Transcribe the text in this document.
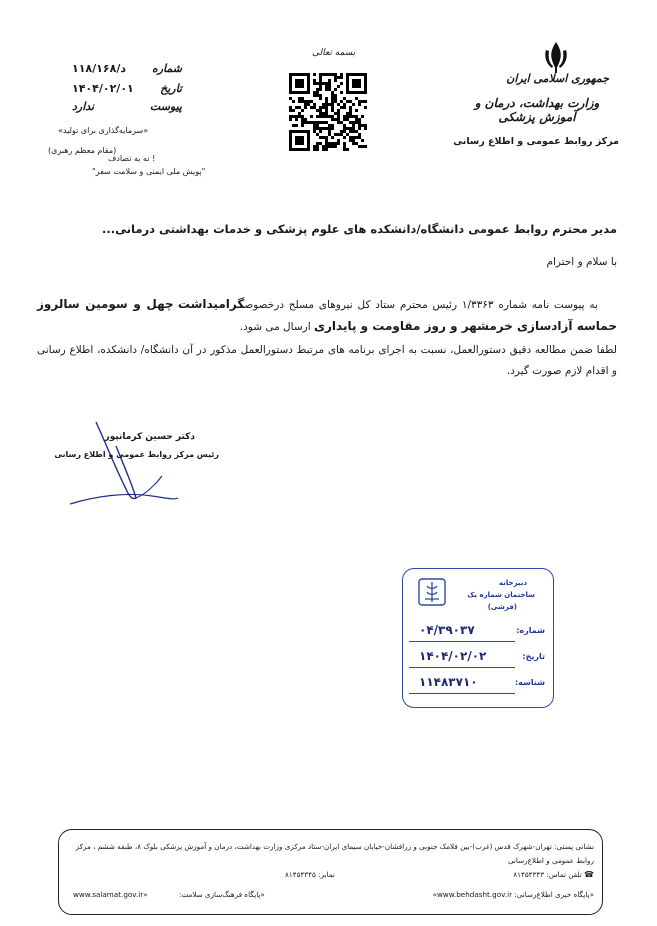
جمهوری اسلامی ایران
وزارت بهداشت، درمان و آموزش پزشکی
مرکز روابط عمومی و اطلاع رسانی
بسمه تعالی
شماره
د/۱۱۸/۱۶۸
تاریخ
۱۴۰۴/۰۲/۰۱
پیوست
ندارد
«سرمایه‌گذاری برای تولید»
(مقام معظم رهبری)
! نه به تصادف
"پویش ملی ایمنی و سلامت سفر"
مدیر محترم روابط عمومی دانشگاه/دانشکده های علوم پزشکی و خدمات بهداشتی درمانی...
با سلام و احترام
به پیوست نامه شماره ۱/۳۳۶۳ رئیس محترم ستاد کل نیروهای مسلح درخصوصگرامیداشت چهل و سومین سالروز حماسه آزادسازی خرمشهر و روز مقاومت و پایداری ارسال می شود.
لطفا ضمن مطالعه دقیق دستورالعمل، نسبت به اجرای برنامه های مرتبط دستورالعمل مذکور در آن دانشگاه/ دانشکده، اطلاع رسانی و اقدام لازم صورت گیرد.
دکتر حسین کرمانپور
رئیس مرکز روابط عمومی و اطلاع رسانی
دبیرخانه
ساختمان شماره یک
(فرشی)
شماره:
۰۴/۳۹۰۳۷
تاریخ:
۱۴۰۴/۰۲/۰۲
شناسه:
۱۱۴۸۳۷۱۰
نشانی پستی: تهران-شهرک قدس (غرب)-بین فلامک جنوبی و زرافشان-خیابان سیمای ایران-ستاد مرکزی وزارت بهداشت، درمان و آموزش پزشکی بلوک ۸، طبقه ششم ، مرکز روابط عمومی و اطلاع‌رسانی
☎ تلفن تماس: ۸۱۴۵۴۳۴۳
نمابر: ۸۱۴۵۴۳۴۵
«پایگاه خبری اطلاع‌رسانی: www.behdasht.gov.ir»
«پایگاه فرهنگ‌سازی سلامت:
www.salamat.gov.ir»
